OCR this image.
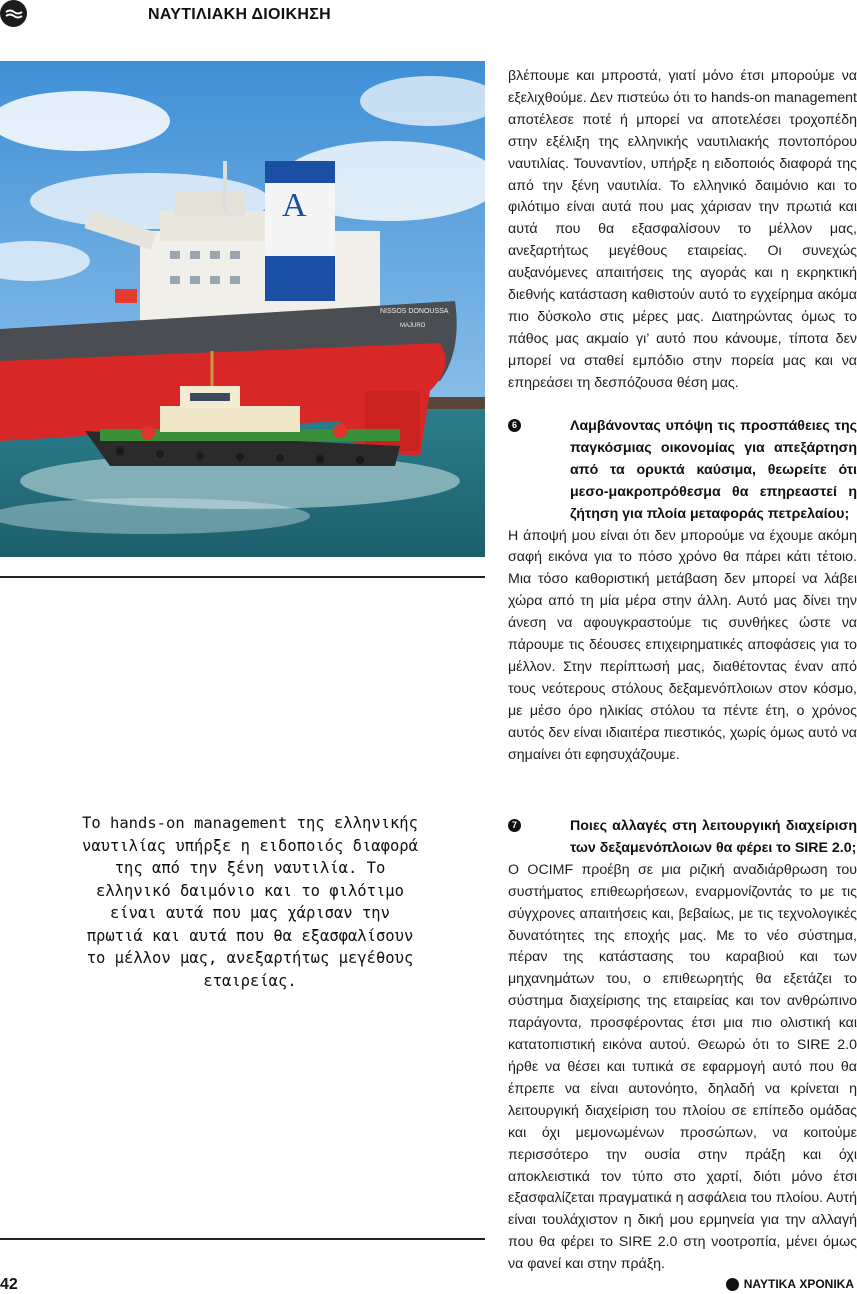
ΝΑΥΤΙΛΙΑΚΗ ΔΙΟΙΚΗΣΗ
A
NISSOS DONOUSSA
MAJURO
Το hands-on management της ελληνικής ναυτιλίας υπήρξε η ειδοποιός διαφορά της από την ξένη ναυτιλία. Το ελληνικό δαιμόνιο και το φιλότιμο είναι αυτά που μας χάρισαν την πρωτιά και αυτά που θα εξασφαλίσουν το μέλλον μας, ανεξαρτήτως μεγέθους εταιρείας.

βλέπουμε και μπροστά, γιατί μόνο έτσι μπορούμε να εξελιχθούμε. Δεν πιστεύω ότι το hands-on management αποτέλεσε ποτέ ή μπορεί να αποτελέσει τροχοπέδη στην εξέλιξη της ελληνικής ναυτιλιακής ποντοπόρου ναυτιλίας. Τουναντίον, υπήρξε η ειδοποιός διαφορά της από την ξένη ναυτιλία. Το ελληνικό δαιμόνιο και το φιλότιμο είναι αυτά που μας χάρισαν την πρωτιά και αυτά που θα εξασφαλίσουν το μέλλον μας, ανεξαρτήτως μεγέθους εταιρείας. Οι συνεχώς αυξανόμενες απαιτήσεις της αγοράς και η εκρηκτική διεθνής κατάσταση καθιστούν αυτό το εγχείρημα ακόμα πιο δύσκολο στις μέρες μας. Διατηρώντας όμως το πάθος μας ακμαίο γι’ αυτό που κάνουμε, τίποτα δεν μπορεί να σταθεί εμπόδιο στην πορεία μας και να επηρεάσει τη δεσπόζουσα θέση μας.

6	Λαμβάνοντας υπόψη τις προσπάθειες της παγκόσμιας οικονομίας για απεξάρτηση από τα ορυκτά καύσιμα, θεωρείτε ότι μεσο-μακροπρόθεσμα θα επηρεαστεί η ζήτηση για πλοία μεταφοράς πετρελαίου;

Η άποψή μου είναι ότι δεν μπορούμε να έχουμε ακόμη σαφή εικόνα για το πόσο χρόνο θα πάρει κάτι τέτοιο. Μια τόσο καθοριστική μετάβαση δεν μπορεί να λάβει χώρα από τη μία μέρα στην άλλη. Αυτό μας δίνει την άνεση να αφουγκραστούμε τις συνθήκες ώστε να πάρουμε τις δέουσες επιχειρηματικές αποφάσεις για το μέλλον. Στην περίπτωσή μας, διαθέτοντας έναν από τους νεότερους στόλους δεξαμενόπλοιων στον κόσμο, με μέσο όρο ηλικίας στόλου τα πέντε έτη, ο χρόνος αυτός δεν είναι ιδιαιτέρα πιεστικός, χωρίς όμως αυτό να σημαίνει ότι εφησυχάζουμε.

7	Ποιες αλλαγές στη λειτουργική διαχείριση των δεξαμενόπλοιων θα φέρει το SIRE 2.0;

Ο OCIMF προέβη σε μια ριζική αναδιάρθρωση του συστήματος επιθεωρήσεων, εναρμονίζοντάς το με τις σύγχρονες απαιτήσεις και, βεβαίως, με τις τεχνολογικές δυνατότητες της εποχής μας. Με το νέο σύστημα, πέραν της κατάστασης του καραβιού και των μηχανημάτων του, ο επιθεωρητής θα εξετάζει το σύστημα διαχείρισης της εταιρείας και τον ανθρώπινο παράγοντα, προσφέροντας έτσι μια πιο ολιστική και κατατοπιστική εικόνα αυτού. Θεωρώ ότι το SIRE 2.0 ήρθε να θέσει και τυπικά σε εφαρμογή αυτό που θα έπρεπε να είναι αυτονόητο, δηλαδή να κρίνεται η λειτουργική διαχείριση του πλοίου σε επίπεδο ομάδας και όχι μεμονωμένων προσώπων, να κοιτούμε περισσότερο την ουσία στην πράξη και όχι αποκλειστικά τον τύπο στο χαρτί, διότι μόνο έτσι εξασφαλίζεται πραγματικά η ασφάλεια του πλοίου. Αυτή είναι τουλάχιστον η δική μου ερμηνεία για την αλλαγή που θα φέρει το SIRE 2.0 στη νοοτροπία, μένει όμως να φανεί και στην πράξη.

42	ΝΑΥΤΙΚΑ ΧΡΟΝΙΚΑ
